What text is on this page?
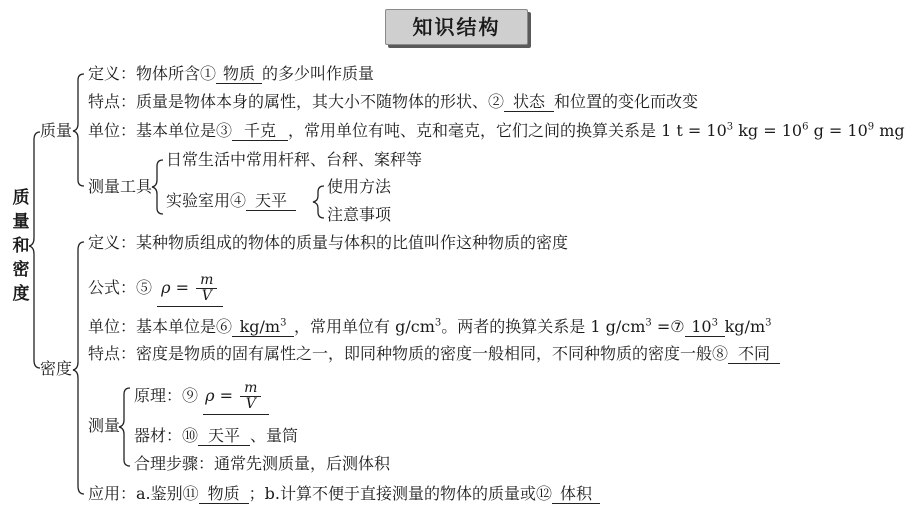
知识结构
质
量
和
密
度
质量
定义：物体所含① 物质 的多少叫作质量
特点：质量是物体本身的属性，其大小不随物体的形状、② 状态 和位置的变化而改变
单位：基本单位是③ 千克 ，常用单位有吨、克和毫克，它们之间的换算关系是 1 $t = 10^3$ kg = $10^6$ $g = 10^9$ mg
测量工具
日常生活中常用杆秤、台秤、案秤等
实验室用④ 天平
使用方法
注意事项
密度
定义：某种物质组成的物体的质量与体积的比值叫作这种物质的密度
公式：⑤ $\rho = \frac{m}{V}$
单位：基本单位是⑥ $kg/m^3$ ，常用单位有 $g/cm^3$。两者的换算关系是 1 $g/cm^3$ =⑦ $10^3$ $kg/m^3$
特点：密度是物质的固有属性之一，即同种物质的密度一般相同，不同种物质的密度一般⑧ 不同
测量
原理：⑨ $\rho = \frac{m}{V}$
器材：⑩ 天平 、量筒
合理步骤：通常先测质量，后测体积
应用：a.鉴别⑪ 物质 ；b.计算不便于直接测量的物体的质量或⑫ 体积
